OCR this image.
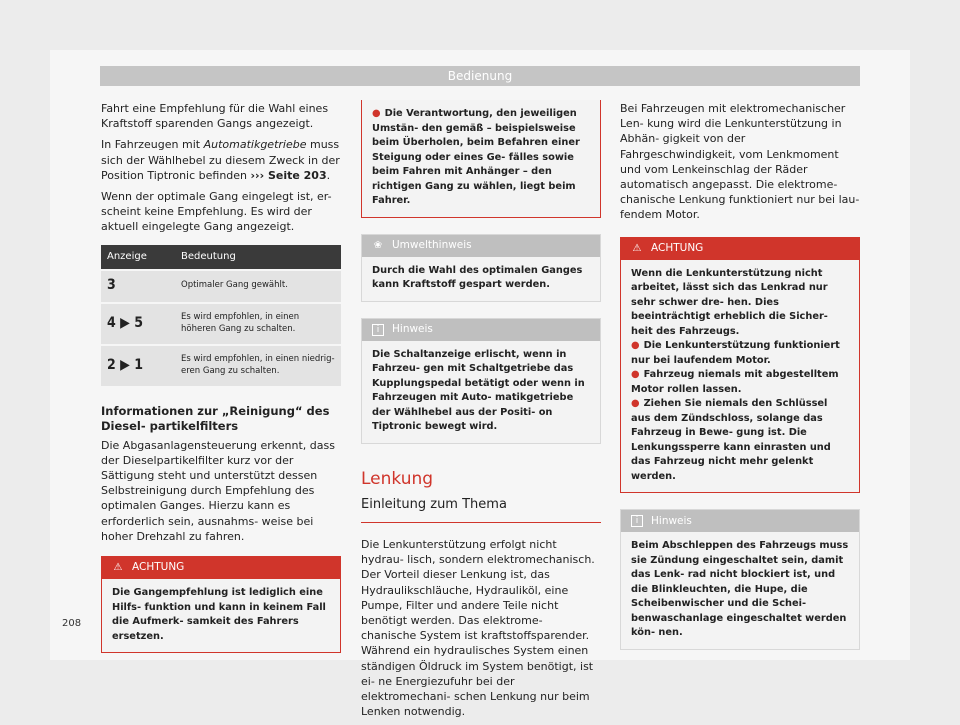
Bedienung

Fahrt eine Empfehlung für die Wahl eines Kraftstoff sparenden Gangs angezeigt.

In Fahrzeugen mit Automatikgetriebe muss sich der Wählhebel zu diesem Zweck in der Position Tiptronic befinden ››› Seite 203.

Wenn der optimale Gang eingelegt ist, er- scheint keine Empfehlung. Es wird der aktuell eingelegte Gang angezeigt.

Anzeige	Bedeutung
3	Optimaler Gang gewählt.
4 ▶ 5	Es wird empfohlen, in einen höheren Gang zu schalten.
2 ▶ 1	Es wird empfohlen, in einen niedrig- eren Gang zu schalten.
Informationen zur „Reinigung“ des Diesel- partikelfilters

Die Abgasanlagensteuerung erkennt, dass der Dieselpartikelfilter kurz vor der Sättigung steht und unterstützt dessen Selbstreinigung durch Empfehlung des optimalen Ganges. Hierzu kann es erforderlich sein, ausnahms- weise bei hoher Drehzahl zu fahren.

⚠ ACHTUNG
Die Gangempfehlung ist lediglich eine Hilfs- funktion und kann in keinem Fall die Aufmerk- samkeit des Fahrers ersetzen.
● Die Verantwortung, den jeweiligen Umstän- den gemäß – beispielsweise beim Überholen, beim Befahren einer Steigung oder eines Ge- fälles sowie beim Fahren mit Anhänger – den richtigen Gang zu wählen, liegt beim Fahrer.
❀ Umwelthinweis
Durch die Wahl des optimalen Ganges kann Kraftstoff gespart werden.
i	Hinweis
Die Schaltanzeige erlischt, wenn in Fahrzeu- gen mit Schaltgetriebe das Kupplungspedal betätigt oder wenn in Fahrzeugen mit Auto- matikgetriebe der Wählhebel aus der Positi- on Tiptronic bewegt wird.
Lenkung
Einleitung zum Thema

Die Lenkunterstützung erfolgt nicht hydrau- lisch, sondern elektromechanisch. Der Vorteil dieser Lenkung ist, das Hydraulikschläuche, Hydrauliköl, eine Pumpe, Filter und andere Teile nicht benötigt werden. Das elektrome- chanische System ist kraftstoffsparender. Während ein hydraulisches System einen ständigen Öldruck im System benötigt, ist ei- ne Energiezufuhr bei der elektromechani- schen Lenkung nur beim Lenken notwendig.

Bei Fahrzeugen mit elektromechanischer Len- kung wird die Lenkunterstützung in Abhän- gigkeit von der Fahrgeschwindigkeit, vom Lenkmoment und vom Lenkeinschlag der Räder automatisch angepasst. Die elektrome- chanische Lenkung funktioniert nur bei lau- fendem Motor.

⚠ ACHTUNG
Wenn die Lenkunterstützung nicht arbeitet, lässt sich das Lenkrad nur sehr schwer dre- hen. Dies beeinträchtigt erheblich die Sicher- heit des Fahrzeugs.
● Die Lenkunterstützung funktioniert nur bei laufendem Motor.
● Fahrzeug niemals mit abgestelltem Motor rollen lassen.
● Ziehen Sie niemals den Schlüssel aus dem Zündschloss, solange das Fahrzeug in Bewe- gung ist. Die Lenkungssperre kann einrasten und das Fahrzeug nicht mehr gelenkt werden.
i	Hinweis
Beim Abschleppen des Fahrzeugs muss sie Zündung eingeschaltet sein, damit das Lenk- rad nicht blockiert ist, und die Blinkleuchten, die Hupe, die Scheibenwischer und die Schei- benwaschanlage eingeschaltet werden kön- nen.
208
